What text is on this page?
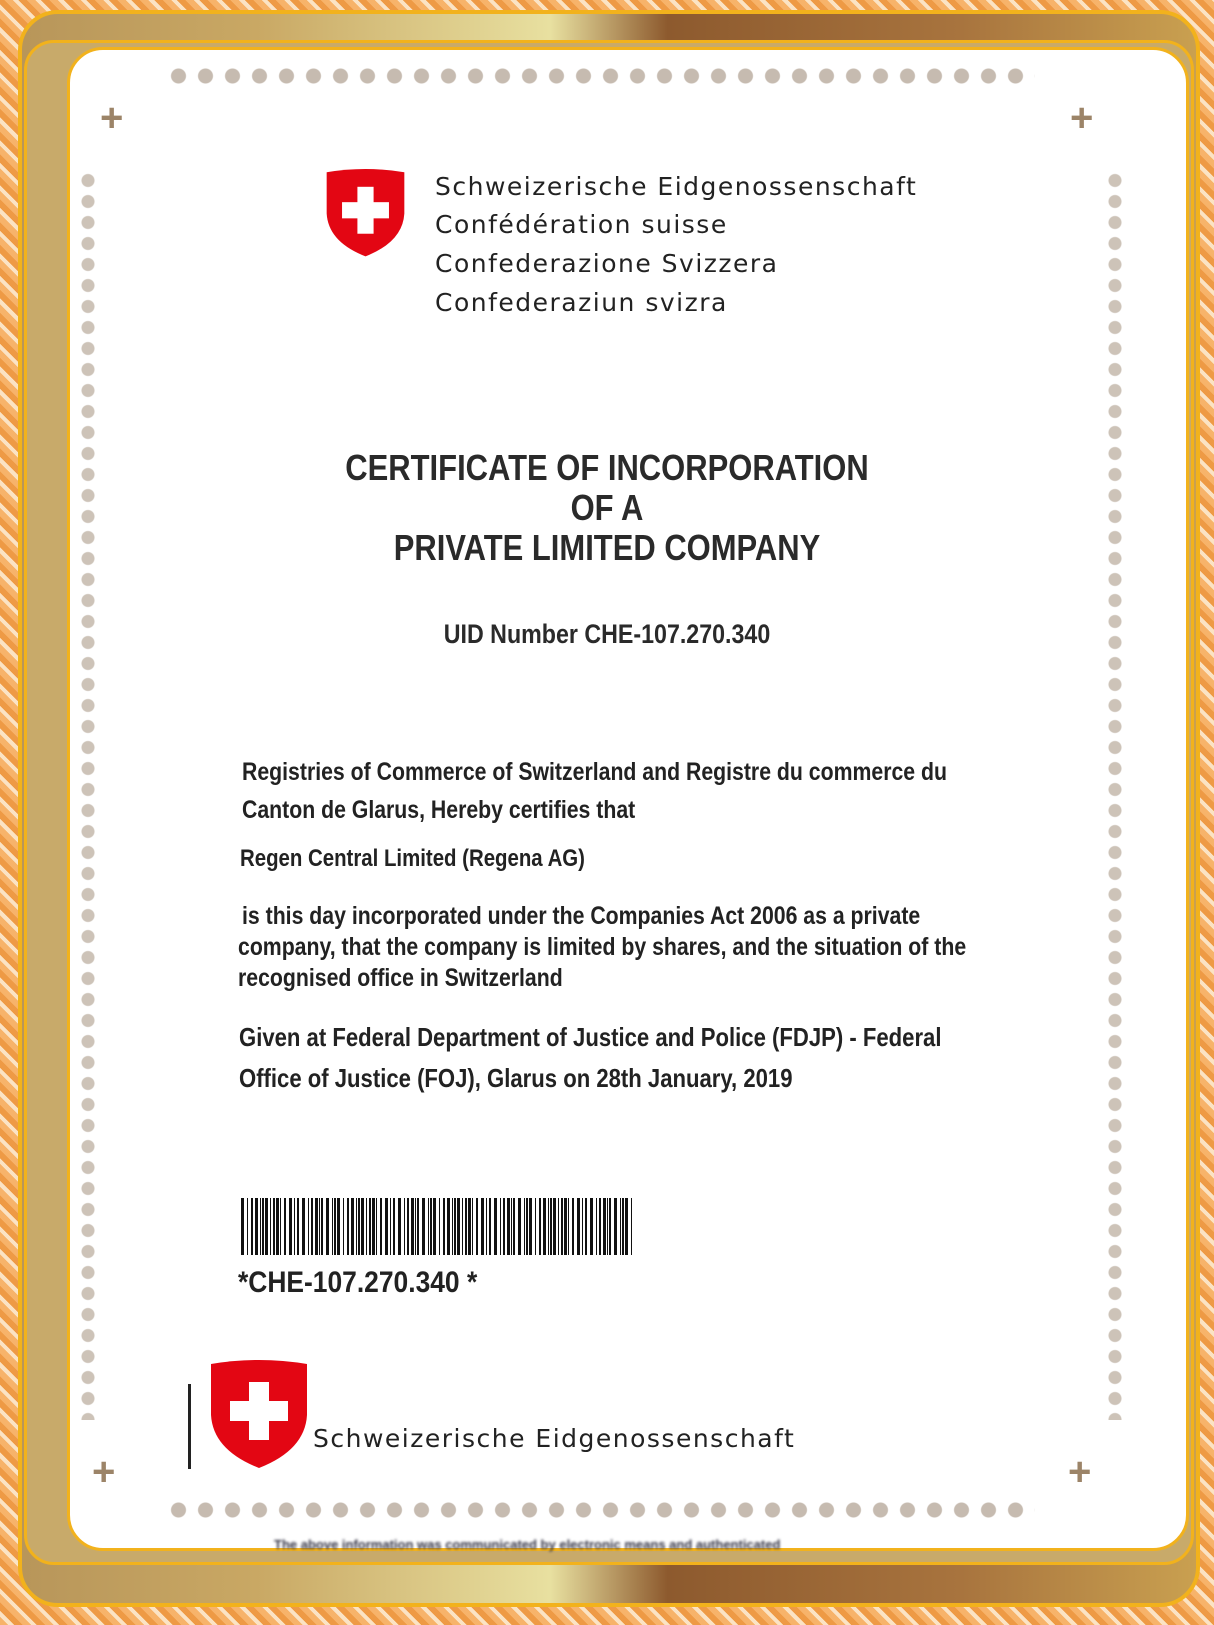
+	+
+	+
Schweizerische Eidgenossenschaft
Confédération suisse
Confederazione Svizzera
Confederaziun svizra
CERTIFICATE OF INCORPORATION
OF A
PRIVATE LIMITED COMPANY
UID Number CHE-107.270.340
Registries of Commerce of Switzerland and Registre du commerce du
Canton de Glarus, Hereby certifies that
Regen Central Limited (Regena AG)
is this day incorporated under the Companies Act 2006 as a private
company, that the company is limited by shares, and the situation of the
recognised office in Switzerland
Given at Federal Department of Justice and Police (FDJP) - Federal
Office of Justice (FOJ), Glarus on 28th January, 2019
*CHE-107.270.340 *
Schweizerische Eidgenossenschaft
The above information was communicated by electronic means and authenticated
